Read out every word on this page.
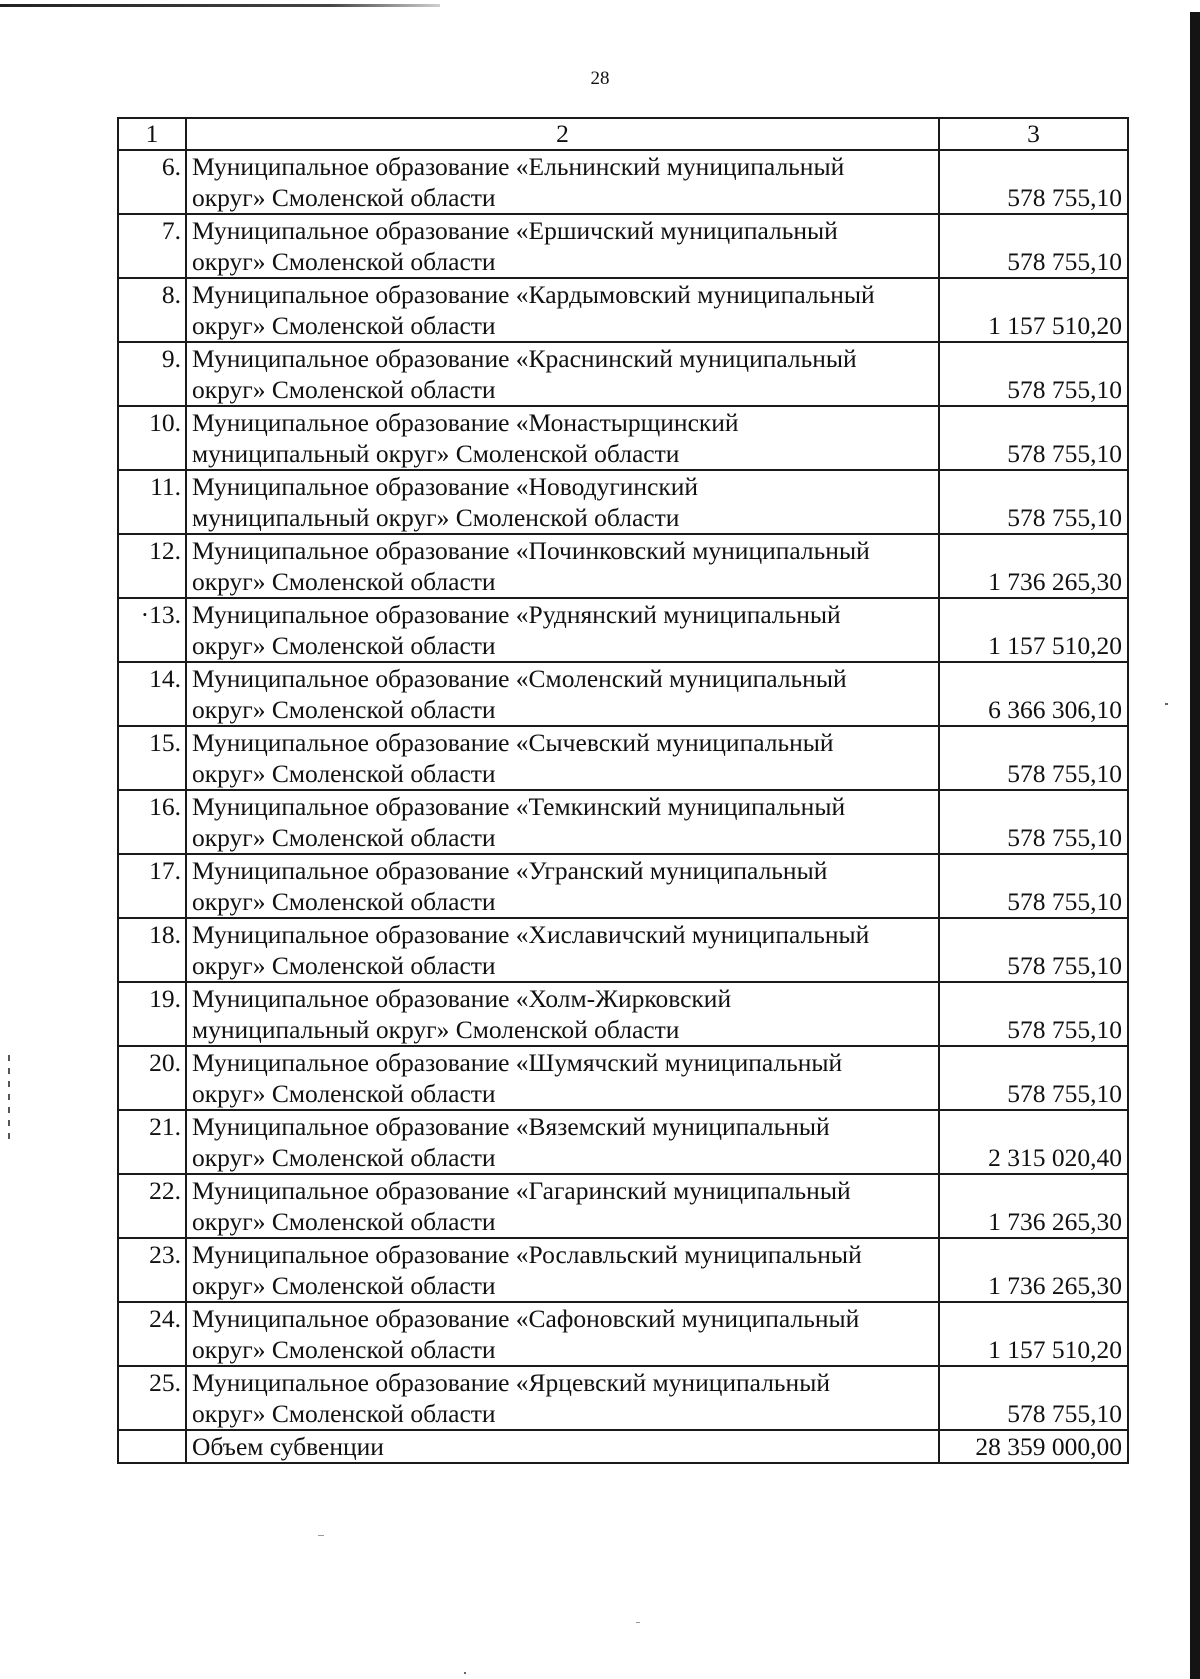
28
1	2	3
6.	Муниципальное образование «Ельнинский муниципальный
округ» Смоленской области	578 755,10
7.	Муниципальное образование «Ершичский муниципальный
округ» Смоленской области	578 755,10
8.	Муниципальное образование «Кардымовский муниципальный
округ» Смоленской области	1 157 510,20
9.	Муниципальное образование «Краснинский муниципальный
округ» Смоленской области	578 755,10
10.	Муниципальное образование «Монастырщинский
муниципальный округ» Смоленской области	578 755,10
11.	Муниципальное образование «Новодугинский
муниципальный округ» Смоленской области	578 755,10
12.	Муниципальное образование «Починковский муниципальный
округ» Смоленской области	1 736 265,30
·13.	Муниципальное образование «Руднянский муниципальный
округ» Смоленской области	1 157 510,20
14.	Муниципальное образование «Смоленский муниципальный
округ» Смоленской области	6 366 306,10
15.	Муниципальное образование «Сычевский муниципальный
округ» Смоленской области	578 755,10
16.	Муниципальное образование «Темкинский муниципальный
округ» Смоленской области	578 755,10
17.	Муниципальное образование «Угранский муниципальный
округ» Смоленской области	578 755,10
18.	Муниципальное образование «Хиславичский муниципальный
округ» Смоленской области	578 755,10
19.	Муниципальное образование «Холм-Жирковский
муниципальный округ» Смоленской области	578 755,10
20.	Муниципальное образование «Шумячский муниципальный
округ» Смоленской области	578 755,10
21.	Муниципальное образование «Вяземский муниципальный
округ» Смоленской области	2 315 020,40
22.	Муниципальное образование «Гагаринский муниципальный
округ» Смоленской области	1 736 265,30
23.	Муниципальное образование «Рославльский муниципальный
округ» Смоленской области	1 736 265,30
24.	Муниципальное образование «Сафоновский муниципальный
округ» Смоленской области	1 157 510,20
25.	Муниципальное образование «Ярцевский муниципальный
округ» Смоленской области	578 755,10
	Объем субвенции	28 359 000,00
